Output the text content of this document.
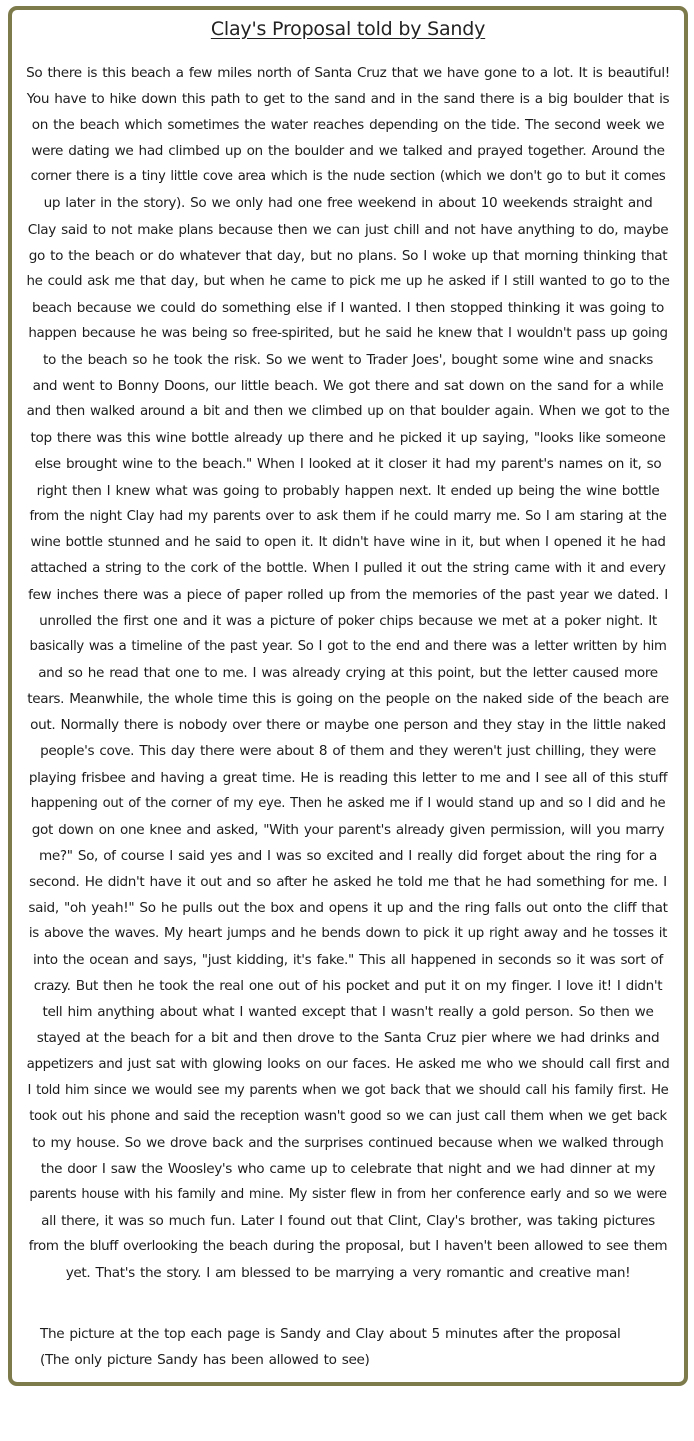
Clay's Proposal told by Sandy
So there is this beach a few miles north of Santa Cruz that we have gone to a lot. It is beautiful!
You have to hike down this path to get to the sand and in the sand there is a big boulder that is
on the beach which sometimes the water reaches depending on the tide. The second week we
were dating we had climbed up on the boulder and we talked and prayed together. Around the
corner there is a tiny little cove area which is the nude section (which we don't go to but it comes
up later in the story). So we only had one free weekend in about 10 weekends straight and
Clay said to not make plans because then we can just chill and not have anything to do, maybe
go to the beach or do whatever that day, but no plans. So I woke up that morning thinking that
he could ask me that day, but when he came to pick me up he asked if I still wanted to go to the
beach because we could do something else if I wanted. I then stopped thinking it was going to
happen because he was being so free-spirited, but he said he knew that I wouldn't pass up going
to the beach so he took the risk. So we went to Trader Joes', bought some wine and snacks
and went to Bonny Doons, our little beach. We got there and sat down on the sand for a while
and then walked around a bit and then we climbed up on that boulder again. When we got to the
top there was this wine bottle already up there and he picked it up saying, "looks like someone
else brought wine to the beach." When I looked at it closer it had my parent's names on it, so
right then I knew what was going to probably happen next. It ended up being the wine bottle
from the night Clay had my parents over to ask them if he could marry me. So I am staring at the
wine bottle stunned and he said to open it. It didn't have wine in it, but when I opened it he had
attached a string to the cork of the bottle. When I pulled it out the string came with it and every
few inches there was a piece of paper rolled up from the memories of the past year we dated. I
unrolled the first one and it was a picture of poker chips because we met at a poker night. It
basically was a timeline of the past year. So I got to the end and there was a letter written by him
and so he read that one to me. I was already crying at this point, but the letter caused more
tears. Meanwhile, the whole time this is going on the people on the naked side of the beach are
out. Normally there is nobody over there or maybe one person and they stay in the little naked
people's cove. This day there were about 8 of them and they weren't just chilling, they were
playing frisbee and having a great time. He is reading this letter to me and I see all of this stuff
happening out of the corner of my eye. Then he asked me if I would stand up and so I did and he
got down on one knee and asked, "With your parent's already given permission, will you marry
me?" So, of course I said yes and I was so excited and I really did forget about the ring for a
second. He didn't have it out and so after he asked he told me that he had something for me. I
said, "oh yeah!" So he pulls out the box and opens it up and the ring falls out onto the cliff that
is above the waves. My heart jumps and he bends down to pick it up right away and he tosses it
into the ocean and says, "just kidding, it's fake." This all happened in seconds so it was sort of
crazy. But then he took the real one out of his pocket and put it on my finger. I love it! I didn't
tell him anything about what I wanted except that I wasn't really a gold person. So then we
stayed at the beach for a bit and then drove to the Santa Cruz pier where we had drinks and
appetizers and just sat with glowing looks on our faces. He asked me who we should call first and
I told him since we would see my parents when we got back that we should call his family first. He
took out his phone and said the reception wasn't good so we can just call them when we get back
to my house. So we drove back and the surprises continued because when we walked through
the door I saw the Woosley's who came up to celebrate that night and we had dinner at my
parents house with his family and mine. My sister flew in from her conference early and so we were
all there, it was so much fun. Later I found out that Clint, Clay's brother, was taking pictures
from the bluff overlooking the beach during the proposal, but I haven't been allowed to see them
yet. That's the story. I am blessed to be marrying a very romantic and creative man!
The picture at the top each page is Sandy and Clay about 5 minutes after the proposal
(The only picture Sandy has been allowed to see)
